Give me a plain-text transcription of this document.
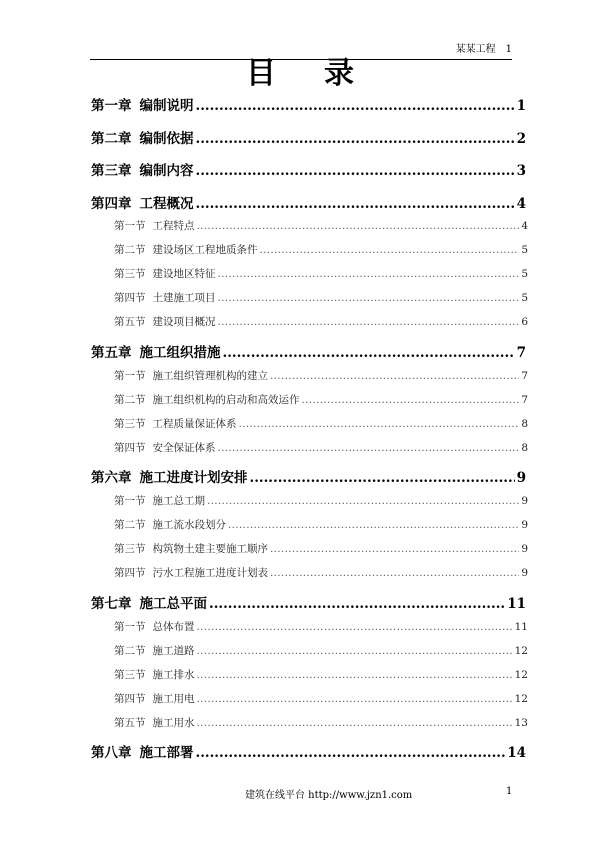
某某工程 1
目 录
第一章 编制说明 .....	1
第二章 编制依据 .....	2
第三章 编制内容 .....	3
第四章 工程概况 .....	4
第一节 工程特点 .....	4
第二节 建设场区工程地质条件 .....	5
第三节 建设地区特征 .....	5
第四节 土建施工项目 .....	5
第五节 建设项目概况 .....	6
第五章 施工组织措施 .....	7
第一节 施工组织管理机构的建立 .....	7
第二节 施工组织机构的启动和高效运作 .....	7
第三节 工程质量保证体系 .....	8
第四节 安全保证体系 .....	8
第六章 施工进度计划安排 .....	9
第一节 施工总工期 .....	9
第二节 施工流水段划分 .....	9
第三节 构筑物土建主要施工顺序 .....	9
第四节 污水工程施工进度计划表 .....	9
第七章 施工总平面 .....	11
第一节 总体布置 .....	11
第二节 施工道路 .....	12
第三节 施工排水 .....	12
第四节 施工用电 .....	12
第五节 施工用水 .....	13
第八章 施工部署 .....	14
建筑在线平台 http://www.jzn1.com	1
